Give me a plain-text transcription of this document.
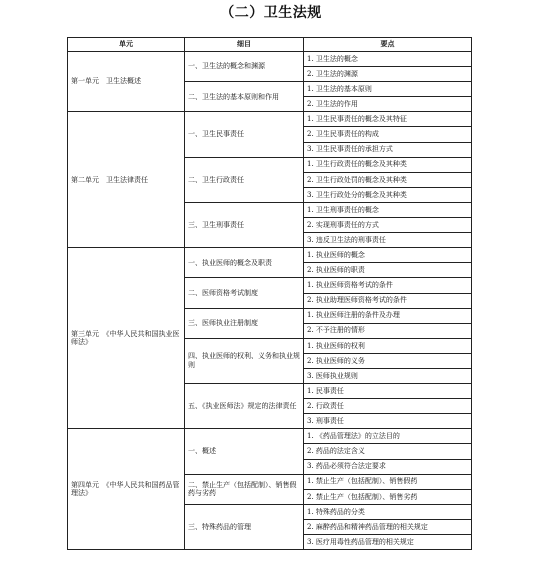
（二）卫生法规
单元	细目	要点
第一单元　卫生法概述	一、卫生法的概念和渊源	1. 卫生法的概念
		2. 卫生法的渊源
	二、卫生法的基本原则和作用	1. 卫生法的基本原则
		2. 卫生法的作用
第二单元　卫生法律责任	一、卫生民事责任	1. 卫生民事责任的概念及其特征
		2. 卫生民事责任的构成
		3. 卫生民事责任的承担方式
	二、卫生行政责任	1. 卫生行政责任的概念及其种类
		2. 卫生行政处罚的概念及其种类
		3. 卫生行政处分的概念及其种类
	三、卫生刑事责任	1. 卫生刑事责任的概念
		2. 实现刑事责任的方式
		3. 违反卫生法的刑事责任
第三单元　《中华人民共和国执业医师法》	一、执业医师的概念及职责	1. 执业医师的概念
		2. 执业医师的职责
	二、医师资格考试制度	1. 执业医师资格考试的条件
		2. 执业助理医师资格考试的条件
	三、医师执业注册制度	1. 执业医师注册的条件及办理
		2. 不予注册的情形
	四、执业医师的权利、义务和执业规则	1. 执业医师的权利
		2. 执业医师的义务
		3. 医师执业规则
	五、《执业医师法》规定的法律责任	1. 民事责任
		2. 行政责任
		3. 刑事责任
第四单元　《中华人民共和国药品管理法》	一、概述	1. 《药品管理法》的立法目的
		2. 药品的法定含义
		3. 药品必须符合法定要求
	二、禁止生产（包括配制）、销售假药与劣药	1. 禁止生产（包括配制）、销售假药
		2. 禁止生产（包括配制）、销售劣药
	三、特殊药品的管理	1. 特殊药品的分类
		2. 麻醉药品和精神药品管理的相关规定
		3. 医疗用毒性药品管理的相关规定
